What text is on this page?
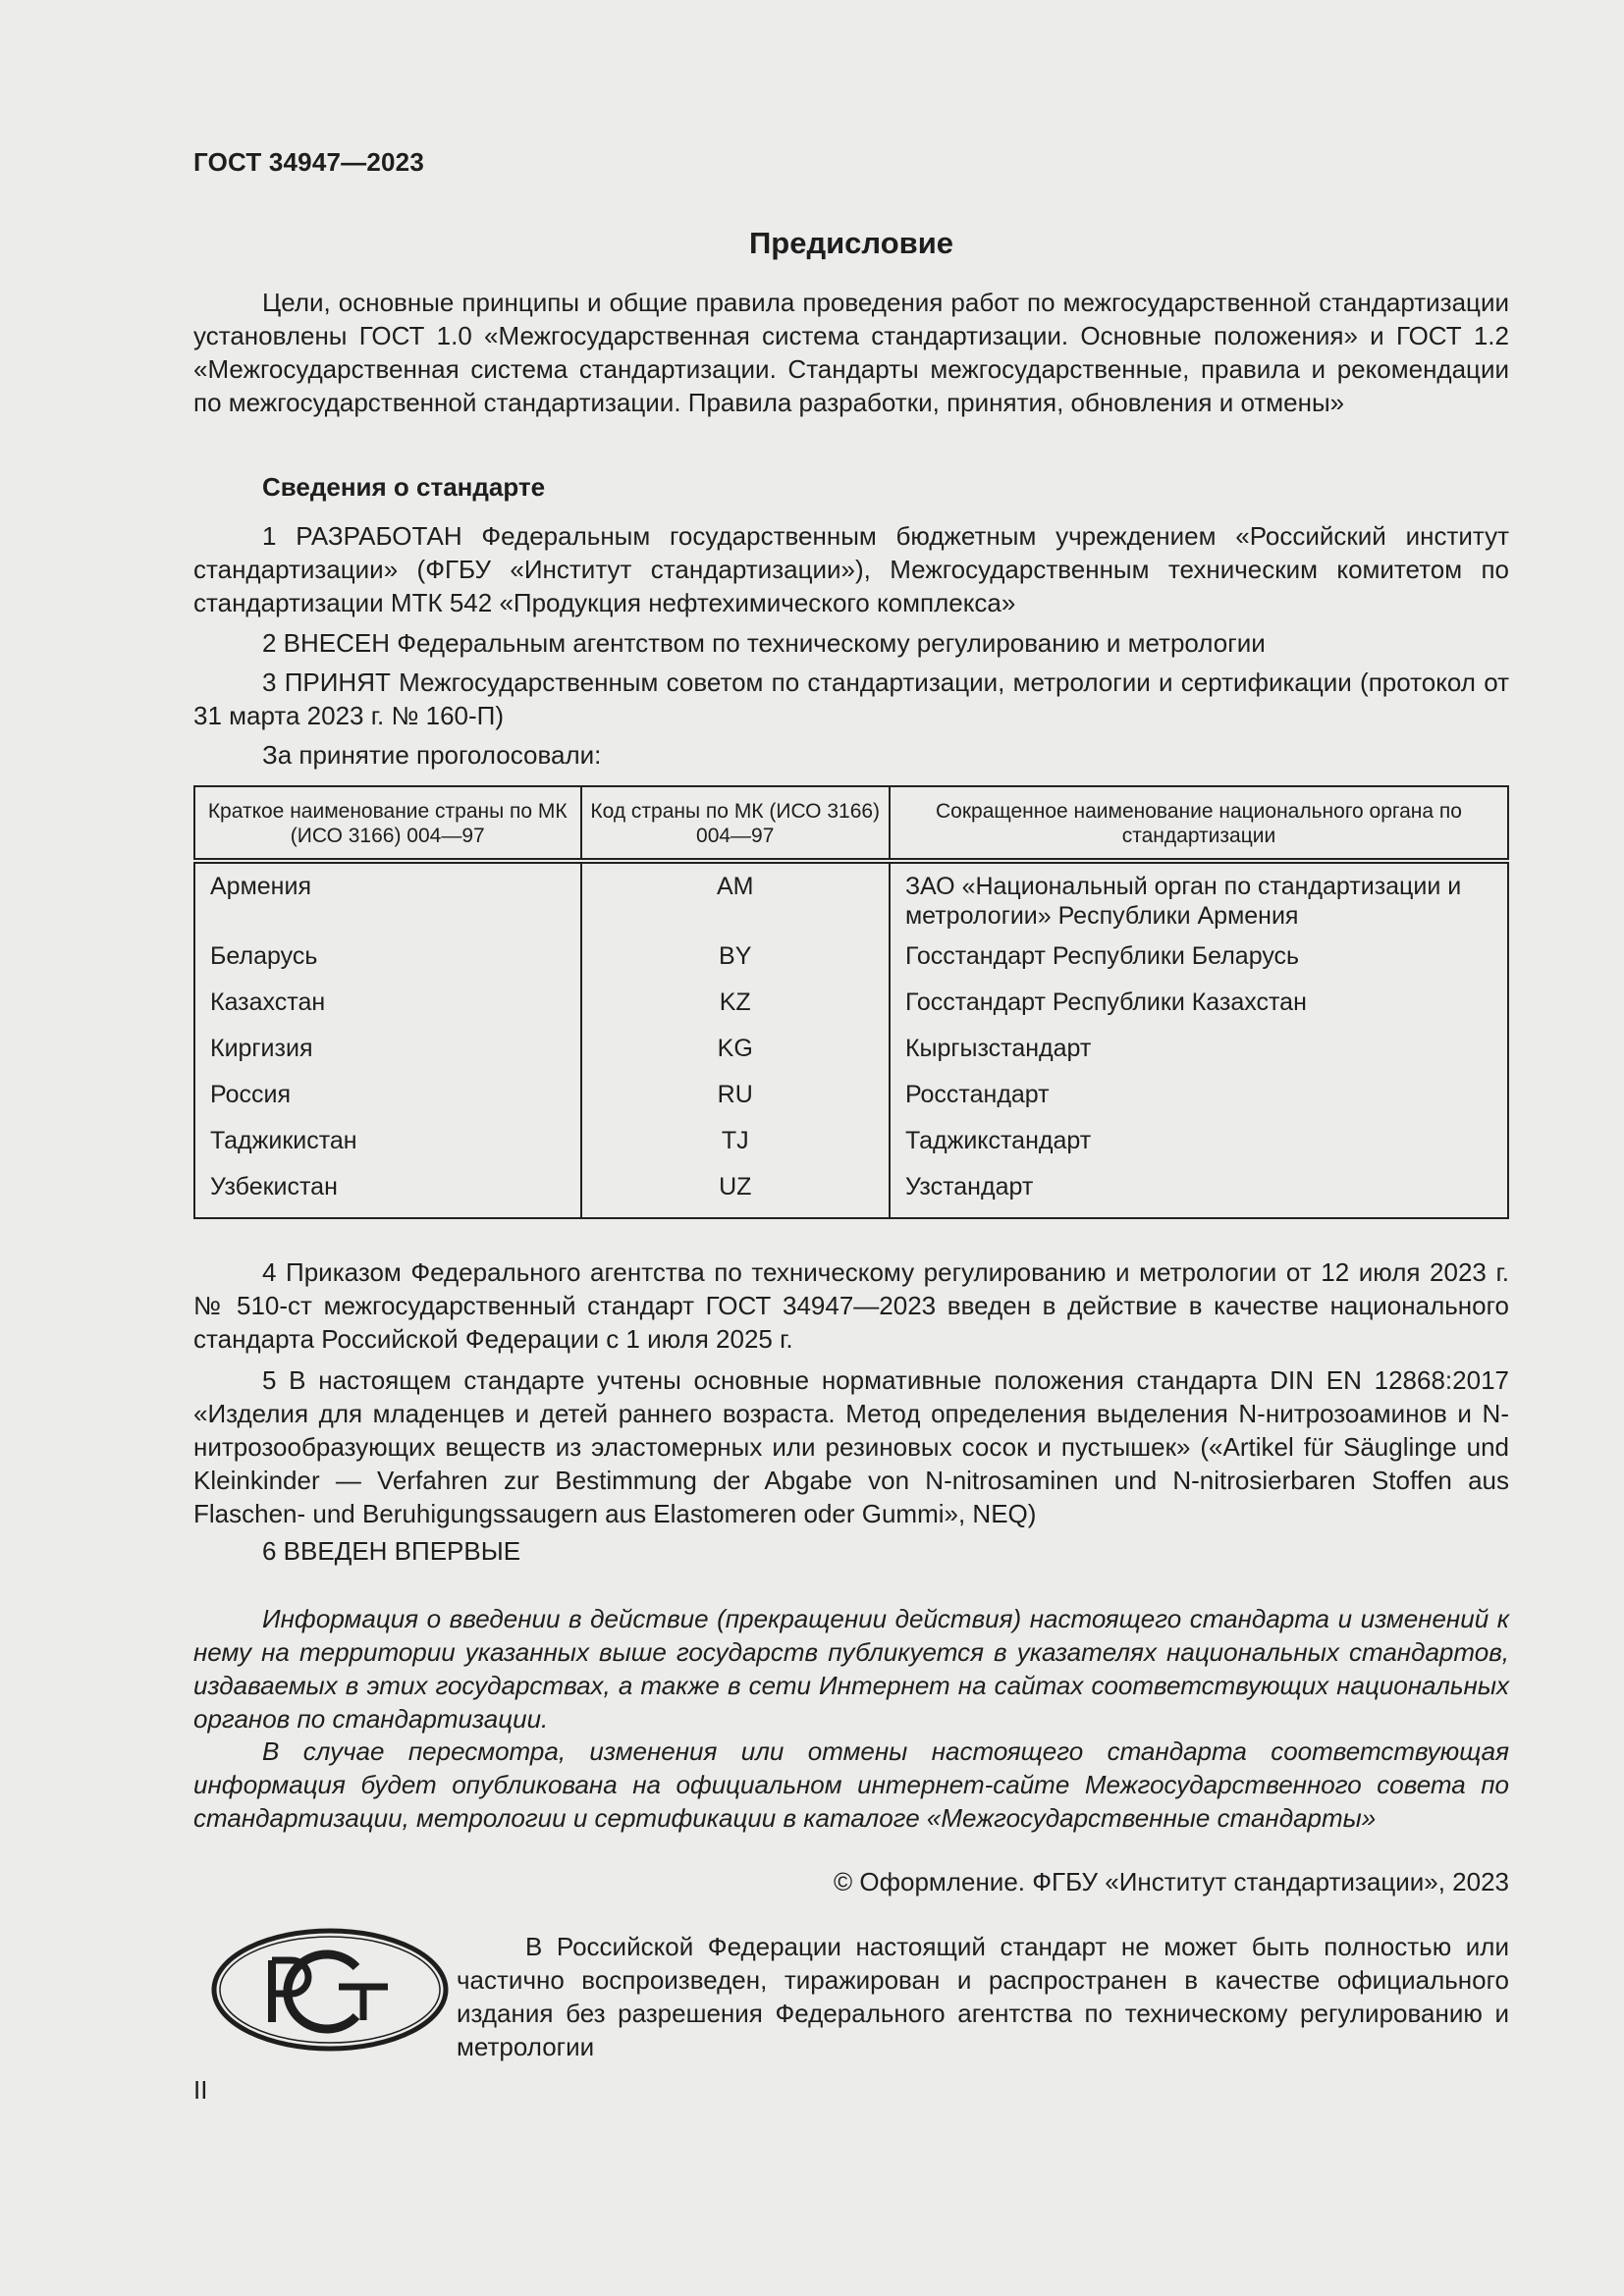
ГОСТ 34947—2023
Предисловие
Цели, основные принципы и общие правила проведения работ по межгосударственной стандартизации установлены ГОСТ 1.0 «Межгосударственная система стандартизации. Основные положения» и ГОСТ 1.2 «Межгосударственная система стандартизации. Стандарты межгосударственные, правила и рекомендации по межгосударственной стандартизации. Правила разработки, принятия, обновления и отмены»
Сведения о стандарте
1 РАЗРАБОТАН Федеральным государственным бюджетным учреждением «Российский институт стандартизации» (ФГБУ «Институт стандартизации»), Межгосударственным техническим комитетом по стандартизации МТК 542 «Продукция нефтехимического комплекса»
2 ВНЕСЕН Федеральным агентством по техническому регулированию и метрологии
3 ПРИНЯТ Межгосударственным советом по стандартизации, метрологии и сертификации (протокол от 31 марта 2023 г. № 160-П)
За принятие проголосовали:
Краткое наименование страны по МК (ИСО 3166) 004—97	Код страны по МК (ИСО 3166) 004—97	Сокращенное наименование национального органа по стандартизации
Армения	AM	ЗАО «Национальный орган по стандартизации и метрологии» Республики Армения
Беларусь	BY	Госстандарт Республики Беларусь
Казахстан	KZ	Госстандарт Республики Казахстан
Киргизия	KG	Кыргызстандарт
Россия	RU	Росстандарт
Таджикистан	TJ	Таджикстандарт
Узбекистан	UZ	Узстандарт
4 Приказом Федерального агентства по техническому регулированию и метрологии от 12 июля 2023 г. № 510-ст межгосударственный стандарт ГОСТ 34947—2023 введен в действие в качестве национального стандарта Российской Федерации с 1 июля 2025 г.
5 В настоящем стандарте учтены основные нормативные положения стандарта DIN EN 12868:2017 «Изделия для младенцев и детей раннего возраста. Метод определения выделения N-нитрозоаминов и N-нитрозообразующих веществ из эластомерных или резиновых сосок и пустышек» («Artikel für Säuglinge und Kleinkinder — Verfahren zur Bestimmung der Abgabe von N-nitrosaminen und N-nitrosierbaren Stoffen aus Flaschen- und Beruhigungssaugern aus Elastomeren oder Gummi», NEQ)
6 ВВЕДЕН ВПЕРВЫЕ
Информация о введении в действие (прекращении действия) настоящего стандарта и изменений к нему на территории указанных выше государств публикуется в указателях национальных стандартов, издаваемых в этих государствах, а также в сети Интернет на сайтах соответствующих национальных органов по стандартизации.
В случае пересмотра, изменения или отмены настоящего стандарта соответствующая информация будет опубликована на официальном интернет-сайте Межгосударственного совета по стандартизации, метрологии и сертификации в каталоге «Межгосударственные стандарты»
© Оформление. ФГБУ «Институт стандартизации», 2023
В Российской Федерации настоящий стандарт не может быть полностью или частично воспроизведен, тиражирован и распространен в качестве официального издания без разрешения Федерального агентства по техническому регулированию и метрологии
II
